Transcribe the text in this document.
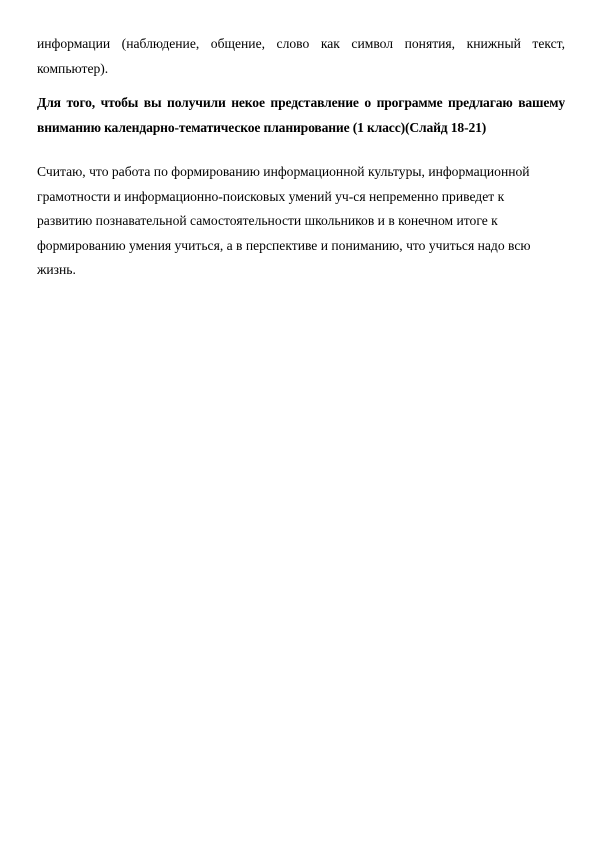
информации (наблюдение, общение, слово как символ понятия, книжный текст, компьютер).

Для того, чтобы вы получили некое представление о программе предлагаю вашему вниманию календарно-тематическое планирование (1 класс)(Слайд 18-21)

Считаю, что работа по формированию информационной культуры, информационной грамотности и информационно-поисковых умений уч-ся непременно приведет к развитию познавательной самостоятельности школьников и в конечном итоге к формированию умения учиться, а в перспективе и пониманию, что учиться надо всю жизнь.
